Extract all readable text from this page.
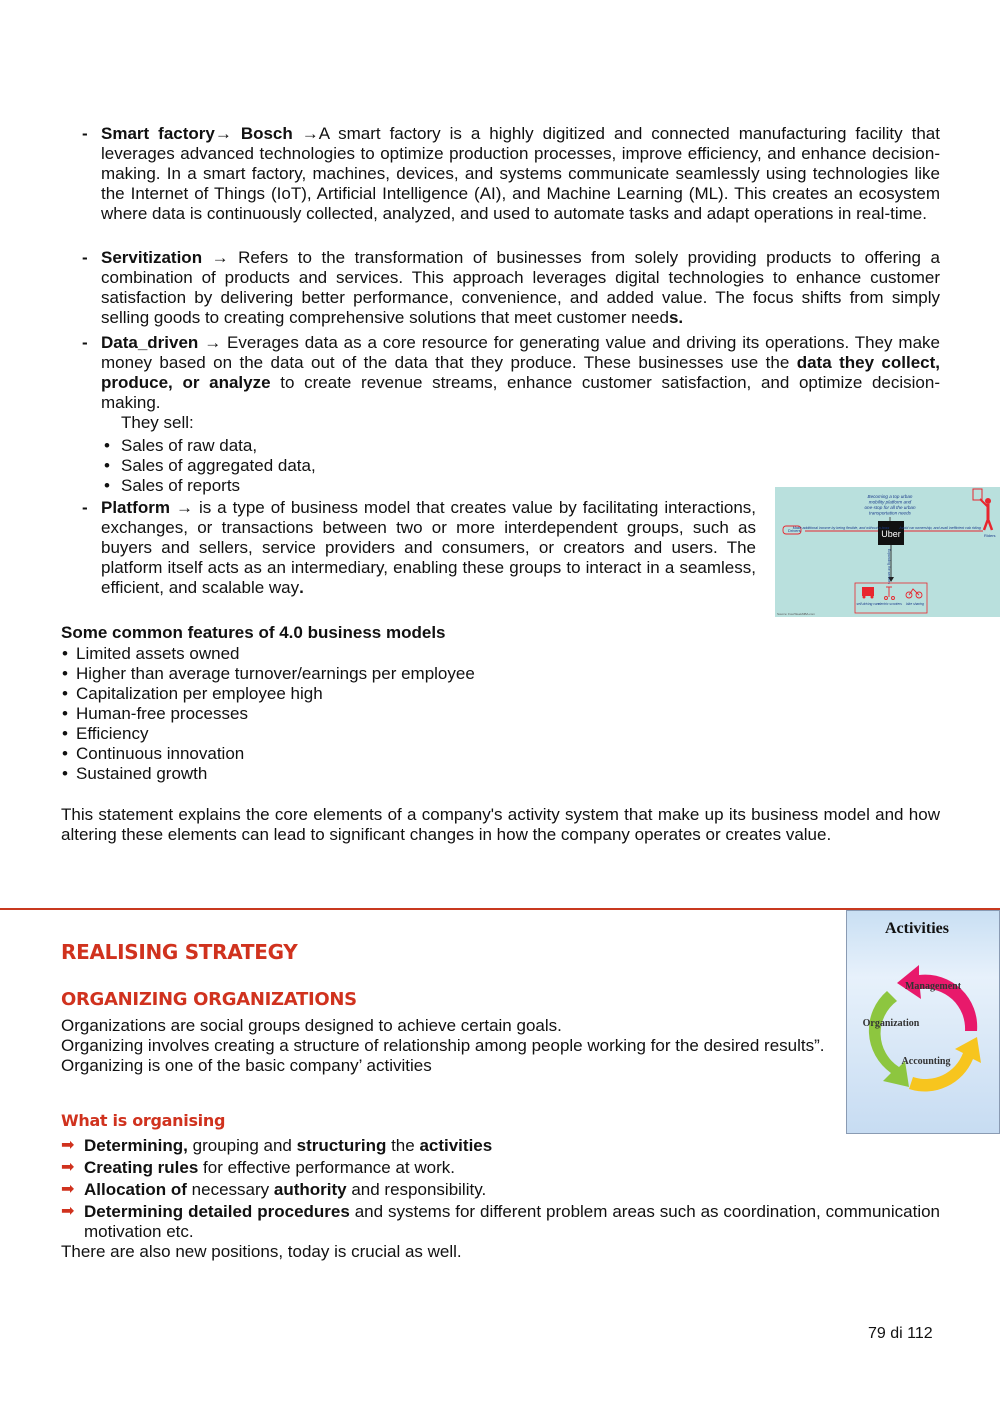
- Smart factory→ Bosch →A smart factory is a highly digitized and connected manufacturing facility that leverages advanced technologies to optimize production processes, improve efficiency, and enhance decision-making. In a smart factory, machines, devices, and systems communicate seamlessly using technologies like the Internet of Things (IoT), Artificial Intelligence (AI), and Machine Learning (ML). This creates an ecosystem where data is continuously collected, analyzed, and used to automate tasks and adapt operations in real-time.

- Servitization → Refers to the transformation of businesses from solely providing products to offering a combination of products and services. This approach leverages digital technologies to enhance customer satisfaction by delivering better performance, convenience, and added value. The focus shifts from simply selling goods to creating comprehensive solutions that meet customer needs.

- Data_driven → Everages data as a core resource for generating value and driving its operations. They make money based on the data out of the data that they produce. These businesses use the data they collect, produce, or analyze to create revenue streams, enhance customer satisfaction, and optimize decision-making.

They sell:

• Sales of raw data,
• Sales of aggregated data,
• Sales of reports
- Platform → is a type of business model that creates value by facilitating interactions, exchanges, or transactions between two or more interdependent groups, such as buyers and sellers, service providers and consumers, or creators and users. The platform itself acts as an intermediary, enabling these groups to interact in a seamless, efficient, and scalable way.

Becoming a top urban mobility platform and one-stop for all the urban transportation needs
Uber
Drivers
Make additional income by being flexible, and without a boss	Avoid car ownership, and avail inefficient cab riding
Riders
Expanding the services
self-driving cars
electric scooters bike sharing
Source: FourWeekMBA.com
Some common features of 4.0 business models
• Limited assets owned
• Higher than average turnover/earnings per employee
• Capitalization per employee high
• Human-free processes
• Efficiency
• Continuous innovation
• Sustained growth

This statement explains the core elements of a company's activity system that make up its business model and how altering these elements can lead to significant changes in how the company operates or creates value.

REALISING STRATEGY
ORGANIZING ORGANIZATIONS

Organizations are social groups designed to achieve certain goals.

Organizing involves creating a structure of relationship among people working for the desired results”.

Organizing is one of the basic company’ activities

What is organising
➡ Determining, grouping and structuring the activities
➡ Creating rules for effective performance at work.
➡ Allocation of necessary authority and responsibility.
➡ Determining detailed procedures and systems for different problem areas such as coordination, communication motivation etc.

There are also new positions, today is crucial as well.

Activities
Management
Organization
Accounting
79 di 112
